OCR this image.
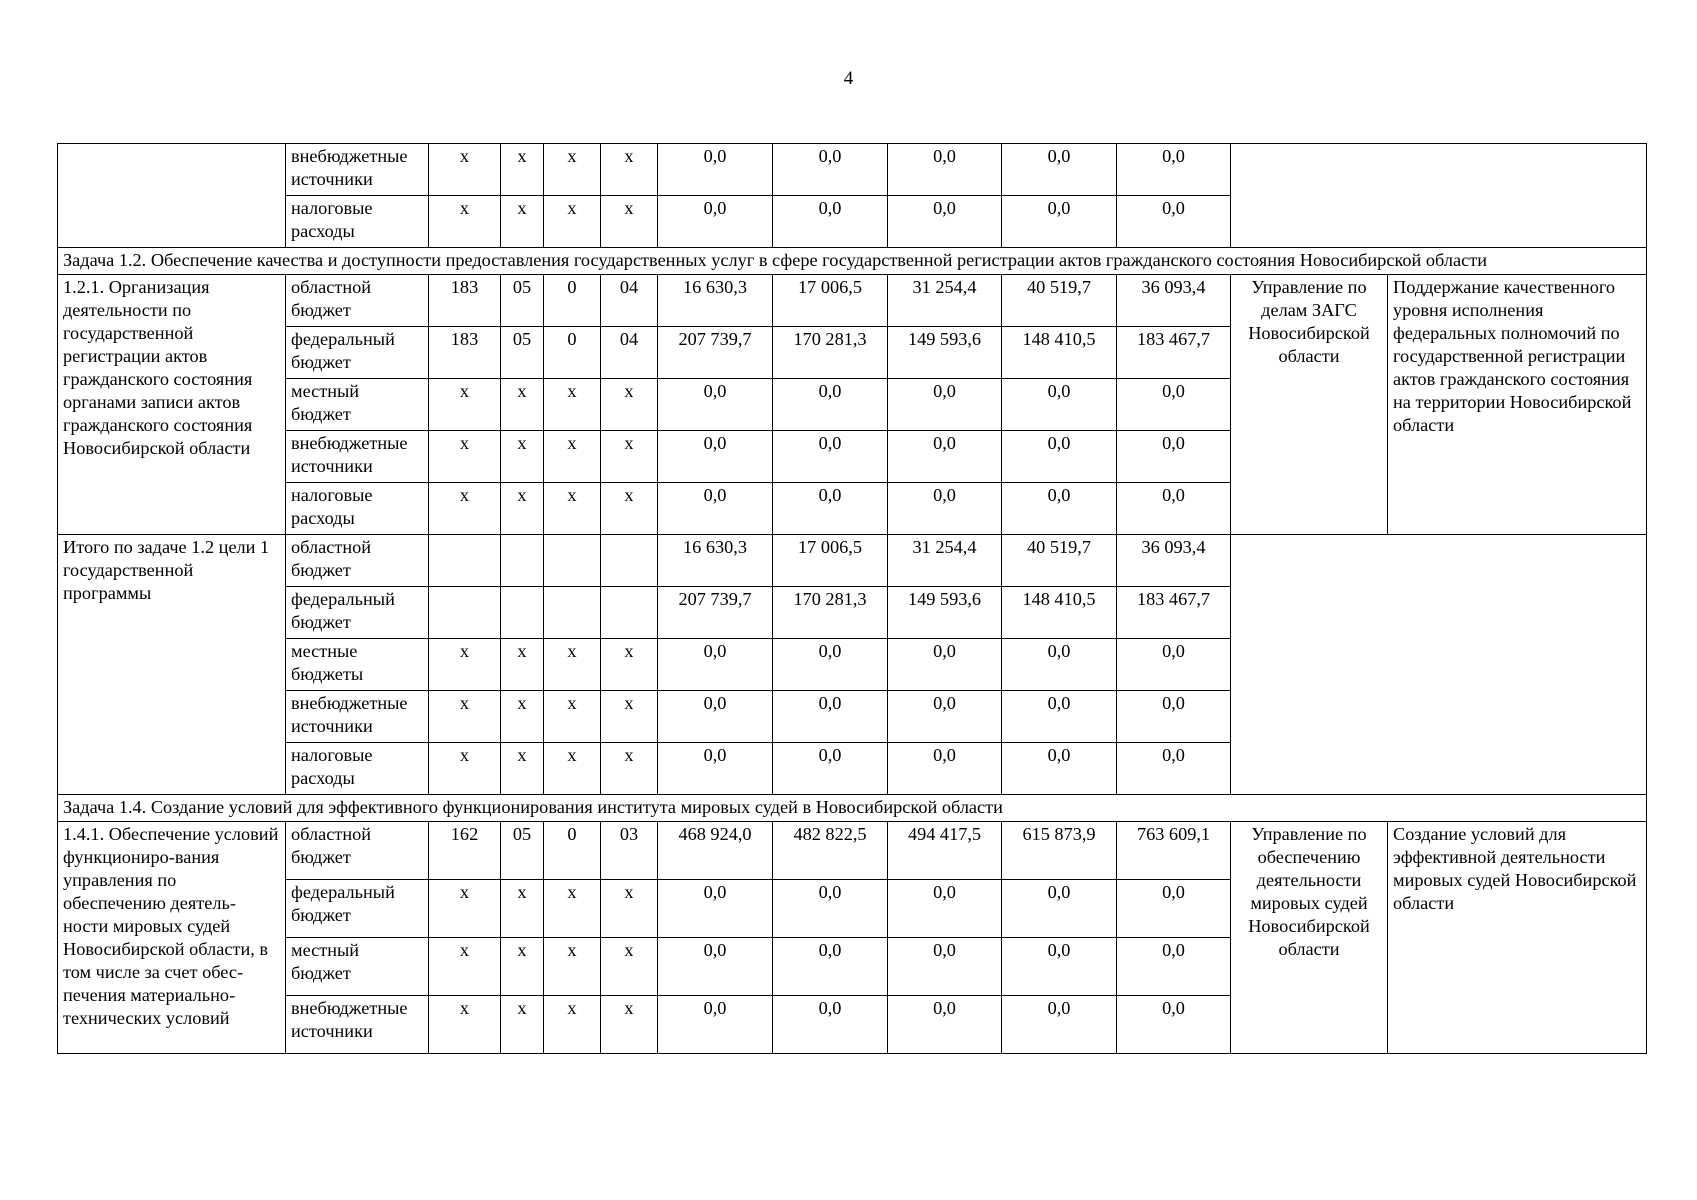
4
	внебюджетные источники	x	x	x	x	0,0	0,0	0,0	0,0	0,0		
	налоговые расходы	x	x	x	x	0,0	0,0	0,0	0,0	0,0		
Задача 1.2. Обеспечение качества и доступности предоставления государственных услуг в сфере государственной регистрации актов гражданского состояния Новосибирской области												
1.2.1. Организация деятельности по государственной регистрации актов гражданского состояния органами записи актов гражданского состояния Новосибирской области	областной бюджет	183	05	0	04	16 630,3	17 006,5	31 254,4	40 519,7	36 093,4	Управление по делам ЗАГС Новосибирской области	Поддержание качественного уровня исполнения федеральных полномочий по государственной регистрации актов гражданского состояния на территории Новосибирской области
	федеральный бюджет	183	05	0	04	207 739,7	170 281,3	149 593,6	148 410,5	183 467,7		
	местный бюджет	x	x	x	x	0,0	0,0	0,0	0,0	0,0		
	внебюджетные источники	x	x	x	x	0,0	0,0	0,0	0,0	0,0		
	налоговые расходы	x	x	x	x	0,0	0,0	0,0	0,0	0,0		
Итого по задаче 1.2 цели 1 государственной программы	областной бюджет					16 630,3	17 006,5	31 254,4	40 519,7	36 093,4		
	федеральный бюджет					207 739,7	170 281,3	149 593,6	148 410,5	183 467,7		
	местные бюджеты	x	x	x	x	0,0	0,0	0,0	0,0	0,0		
	внебюджетные источники	x	x	x	x	0,0	0,0	0,0	0,0	0,0		
	налоговые расходы	x	x	x	x	0,0	0,0	0,0	0,0	0,0		
Задача 1.4. Создание условий для эффективного функционирования института мировых судей в Новосибирской области												
1.4.1. Обеспечение условий функциониро-вания управления по обеспечению деятель-ности мировых судей Новосибирской области, в том числе за счет обес-печения материально-технических условий	областной бюджет	162	05	0	03	468 924,0	482 822,5	494 417,5	615 873,9	763 609,1	Управление по обеспечению деятельности мировых судей Новосибирской области	Создание условий для эффективной деятельности мировых судей Новосибирской области
	федеральный бюджет	x	x	x	x	0,0	0,0	0,0	0,0	0,0		
	местный бюджет	x	x	x	x	0,0	0,0	0,0	0,0	0,0		
	внебюджетные источники	x	x	x	x	0,0	0,0	0,0	0,0	0,0		
